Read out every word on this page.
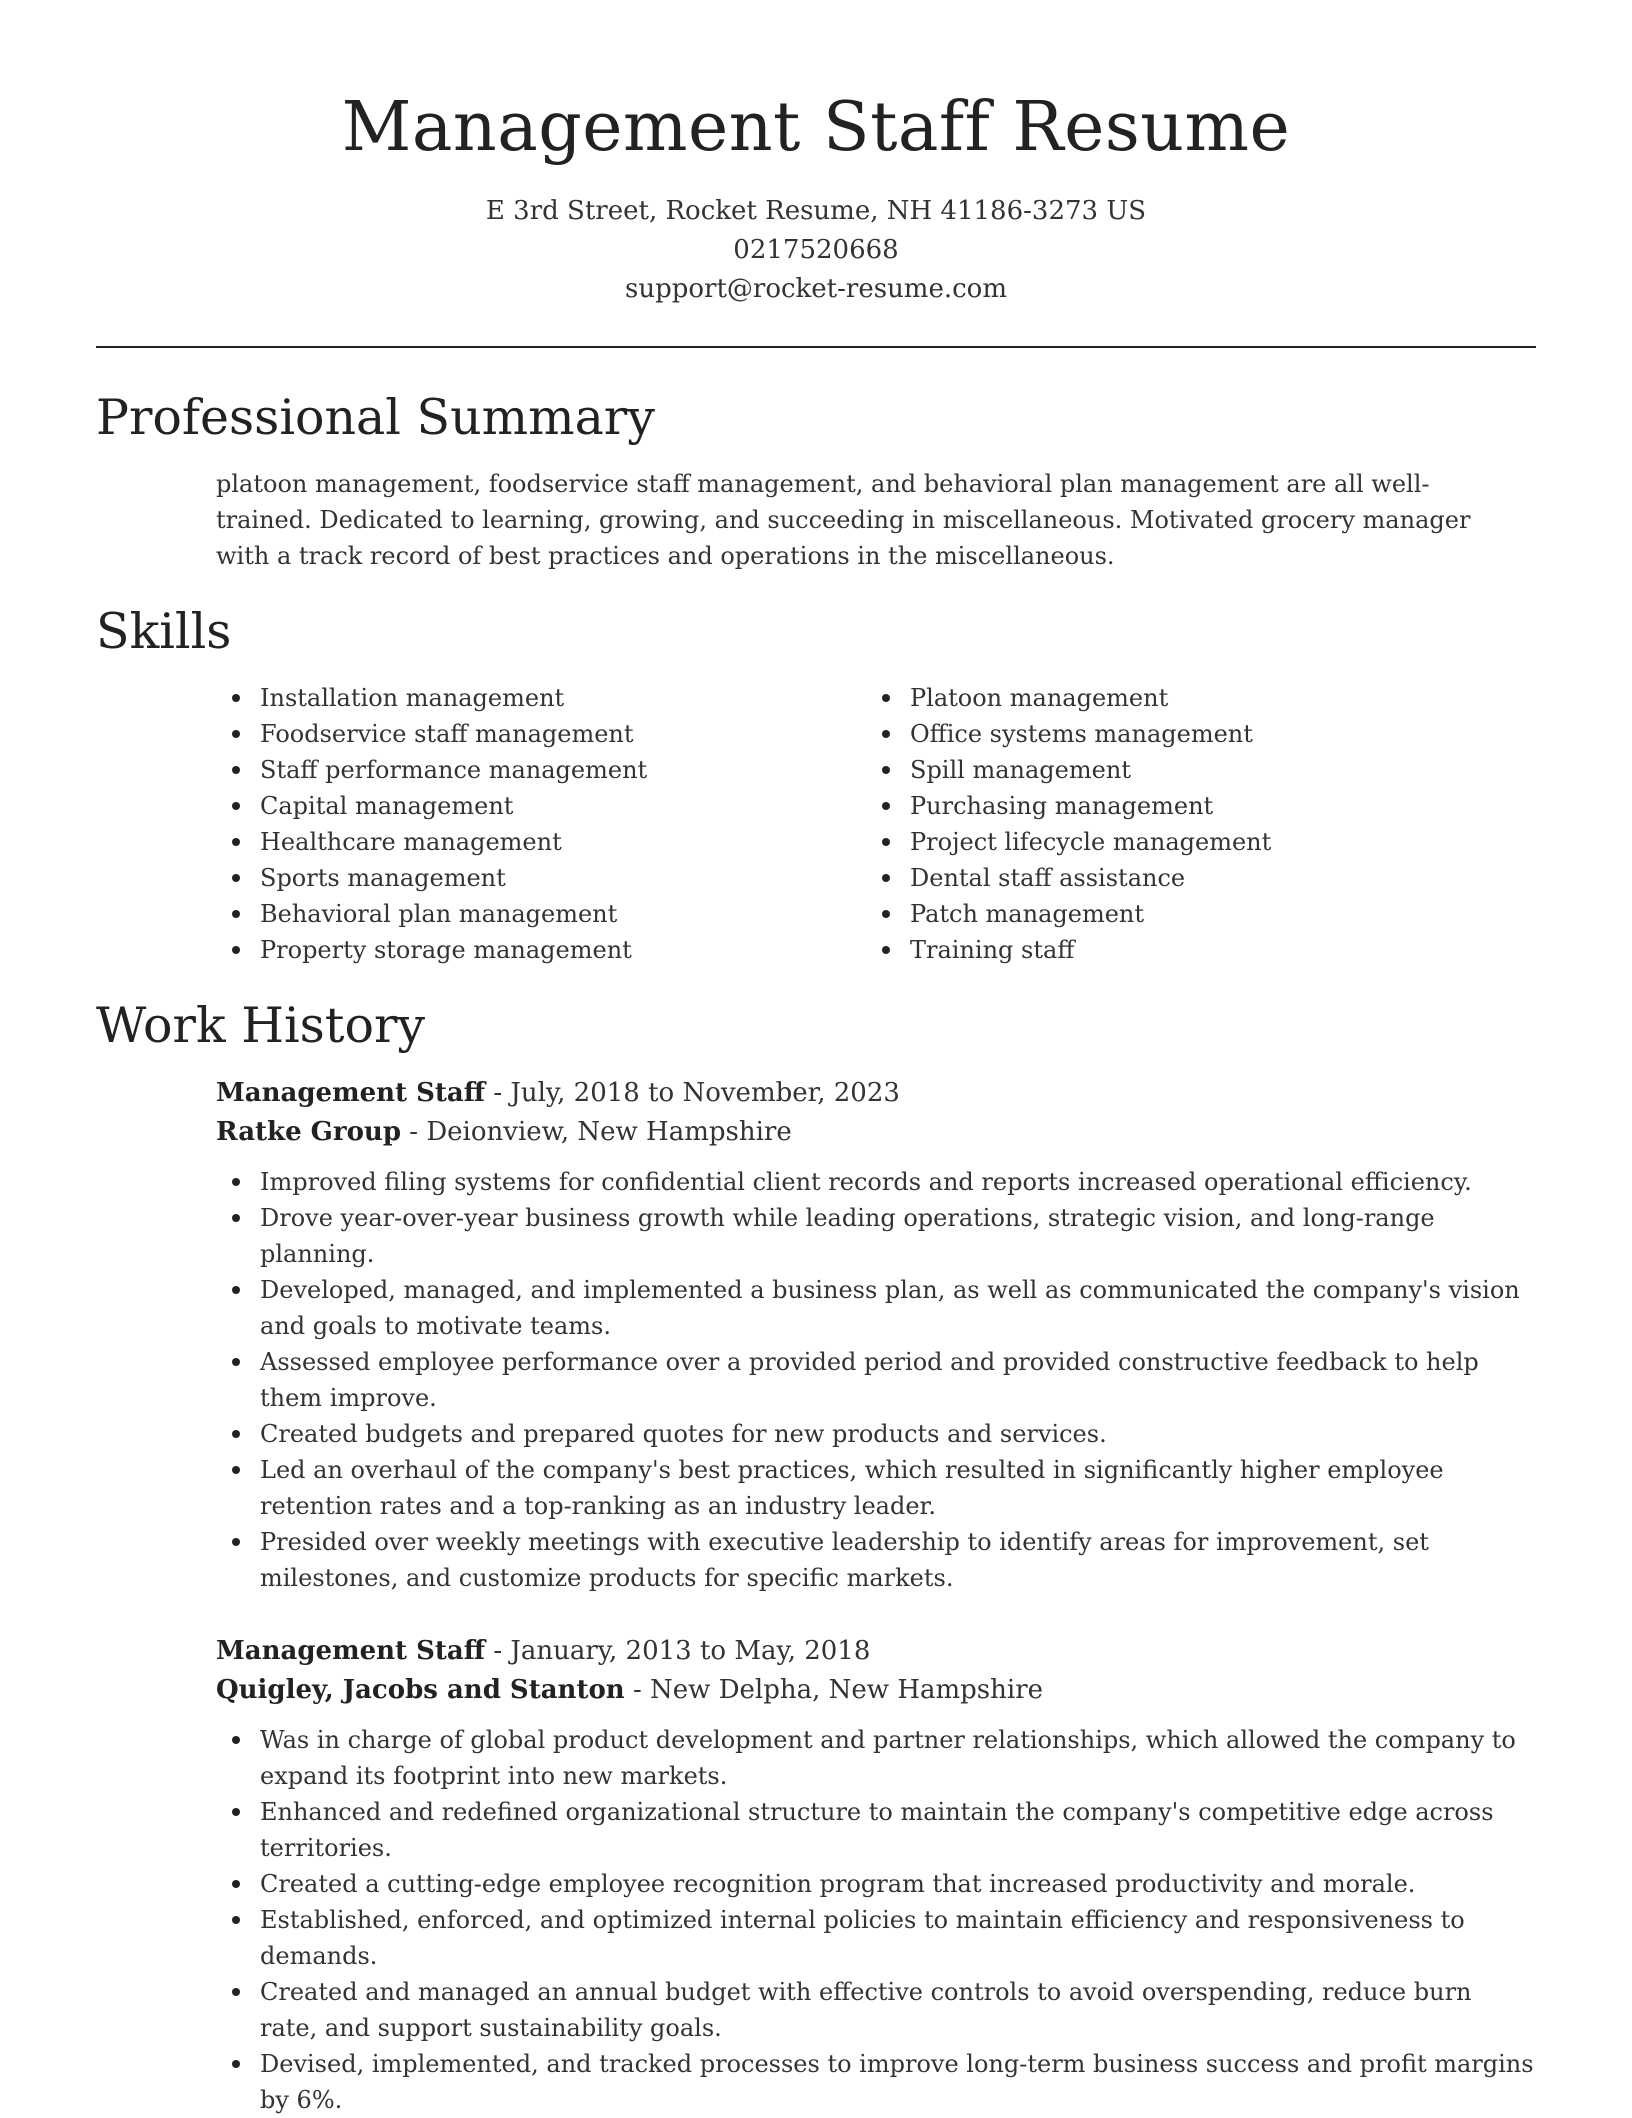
Management Staff Resume
E 3rd Street, Rocket Resume, NH 41186-3273 US
0217520668
support@rocket-resume.com
Professional Summary

platoon management, foodservice staff management, and behavioral plan management are all well-trained. Dedicated to learning, growing, and succeeding in miscellaneous. Motivated grocery manager with a track record of best practices and operations in the miscellaneous.

Skills
Installation management
Foodservice staff management
Staff performance management
Capital management
Healthcare management
Sports management
Behavioral plan management
Property storage management
Platoon management
Office systems management
Spill management
Purchasing management
Project lifecycle management
Dental staff assistance
Patch management
Training staff
Work History
Management Staff - July, 2018 to November, 2023
Ratke Group - Deionview, New Hampshire
Improved filing systems for confidential client records and reports increased operational efficiency.
Drove year-over-year business growth while leading operations, strategic vision, and long-range planning.
Developed, managed, and implemented a business plan, as well as communicated the company's vision and goals to motivate teams.
Assessed employee performance over a provided period and provided constructive feedback to help them improve.
Created budgets and prepared quotes for new products and services.
Led an overhaul of the company's best practices, which resulted in significantly higher employee retention rates and a top-ranking as an industry leader.
Presided over weekly meetings with executive leadership to identify areas for improvement, set milestones, and customize products for specific markets.
Management Staff - January, 2013 to May, 2018
Quigley, Jacobs and Stanton - New Delpha, New Hampshire
Was in charge of global product development and partner relationships, which allowed the company to expand its footprint into new markets.
Enhanced and redefined organizational structure to maintain the company's competitive edge across territories.
Created a cutting-edge employee recognition program that increased productivity and morale.
Established, enforced, and optimized internal policies to maintain efficiency and responsiveness to demands.
Created and managed an annual budget with effective controls to avoid overspending, reduce burn rate, and support sustainability goals.
Devised, implemented, and tracked processes to improve long-term business success and profit margins by 6%.
